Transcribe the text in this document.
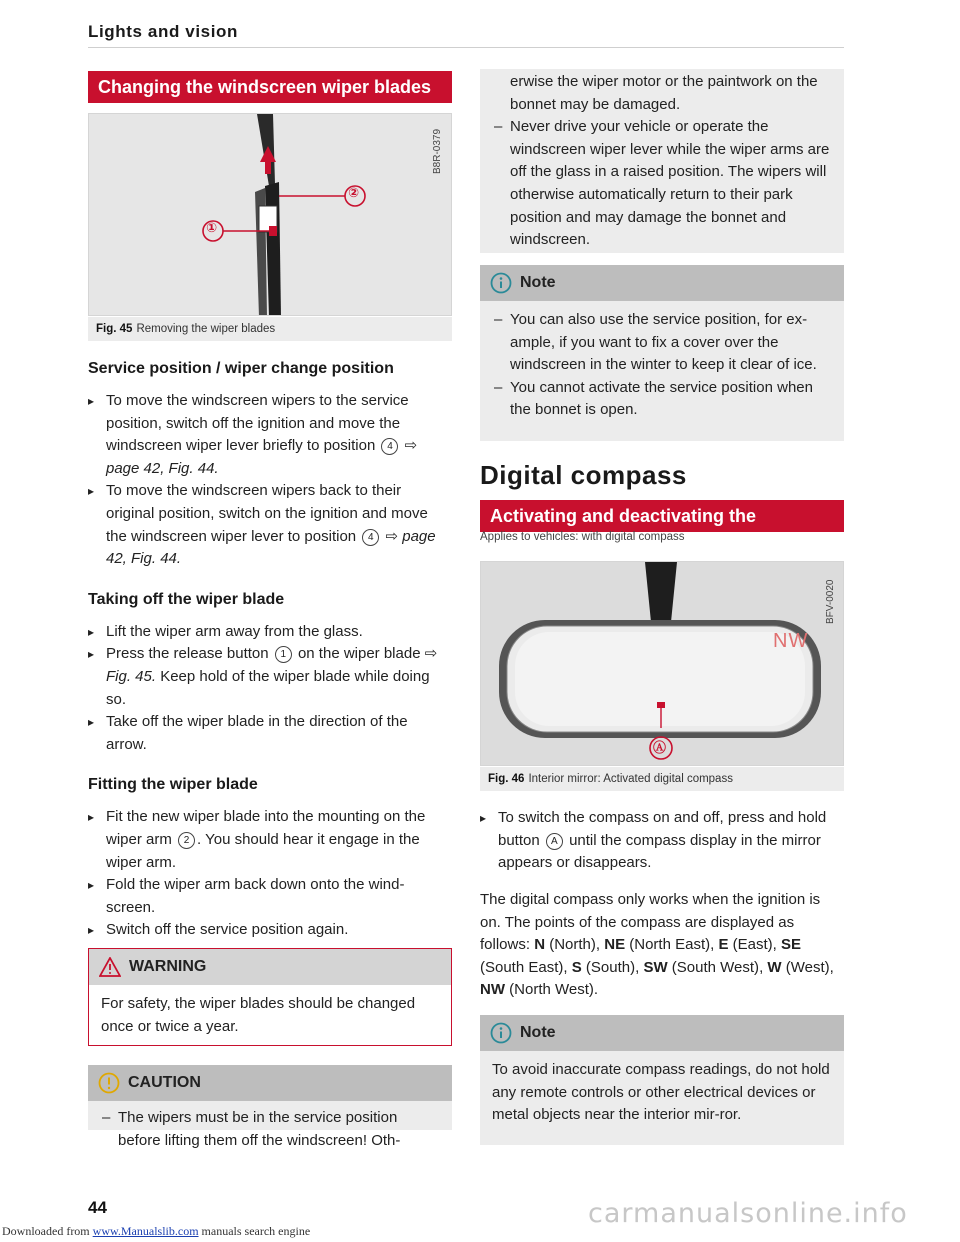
Lights and vision
Changing the windscreen wiper blades
①
②
B8R-0379
Fig. 45 Removing the wiper blades
Service position / wiper change position
▸ To move the windscreen wipers to the service position, switch off the ignition and move the windscreen wiper lever briefly to position 4 ⇨ page 42, Fig. 44.
▸ To move the windscreen wipers back to their original position, switch on the ignition and move the windscreen wiper lever to position 4 ⇨ page 42, Fig. 44.
Taking off the wiper blade
▸ Lift the wiper arm away from the glass.
▸ Press the release button 1 on the wiper blade ⇨ Fig. 45. Keep hold of the wiper blade while doing so.
▸ Take off the wiper blade in the direction of the arrow.
Fitting the wiper blade
▸ Fit the new wiper blade into the mounting on the wiper arm 2 . You should hear it engage in the wiper arm.
▸ Fold the wiper arm back down onto the wind-screen.
▸ Switch off the service position again.
WARNING
For safety, the wiper blades should be changed once or twice a year.
CAUTION
– The wipers must be in the service position before lifting them off the windscreen! Oth-
erwise the wiper motor or the paintwork on the bonnet may be damaged.
– Never drive your vehicle or operate the windscreen wiper lever while the wiper arms are off the glass in a raised position. The wipers will otherwise automatically return to their park position and may damage the bonnet and windscreen.
Note
– You can also use the service position, for ex-ample, if you want to fix a cover over the windscreen in the winter to keep it clear of ice.
– You cannot activate the service position when the bonnet is open.
Digital compass
Activating and deactivating the compass
Applies to vehicles: with digital compass
NW
Ⓐ
BFV-0020
Fig. 46 Interior mirror: Activated digital compass
▸ To switch the compass on and off, press and hold button A until the compass display in the mirror appears or disappears.
The digital compass only works when the ignition is on. The points of the compass are displayed as follows: N (North), NE (North East), E (East), SE (South East), S (South), SW (South West), W (West), NW (North West).
Note
To avoid inaccurate compass readings, do not hold any remote controls or other electrical devices or metal objects near the interior mir-ror.
44
Downloaded from www.Manualslib.com manuals search engine
carmanualsonline.info
